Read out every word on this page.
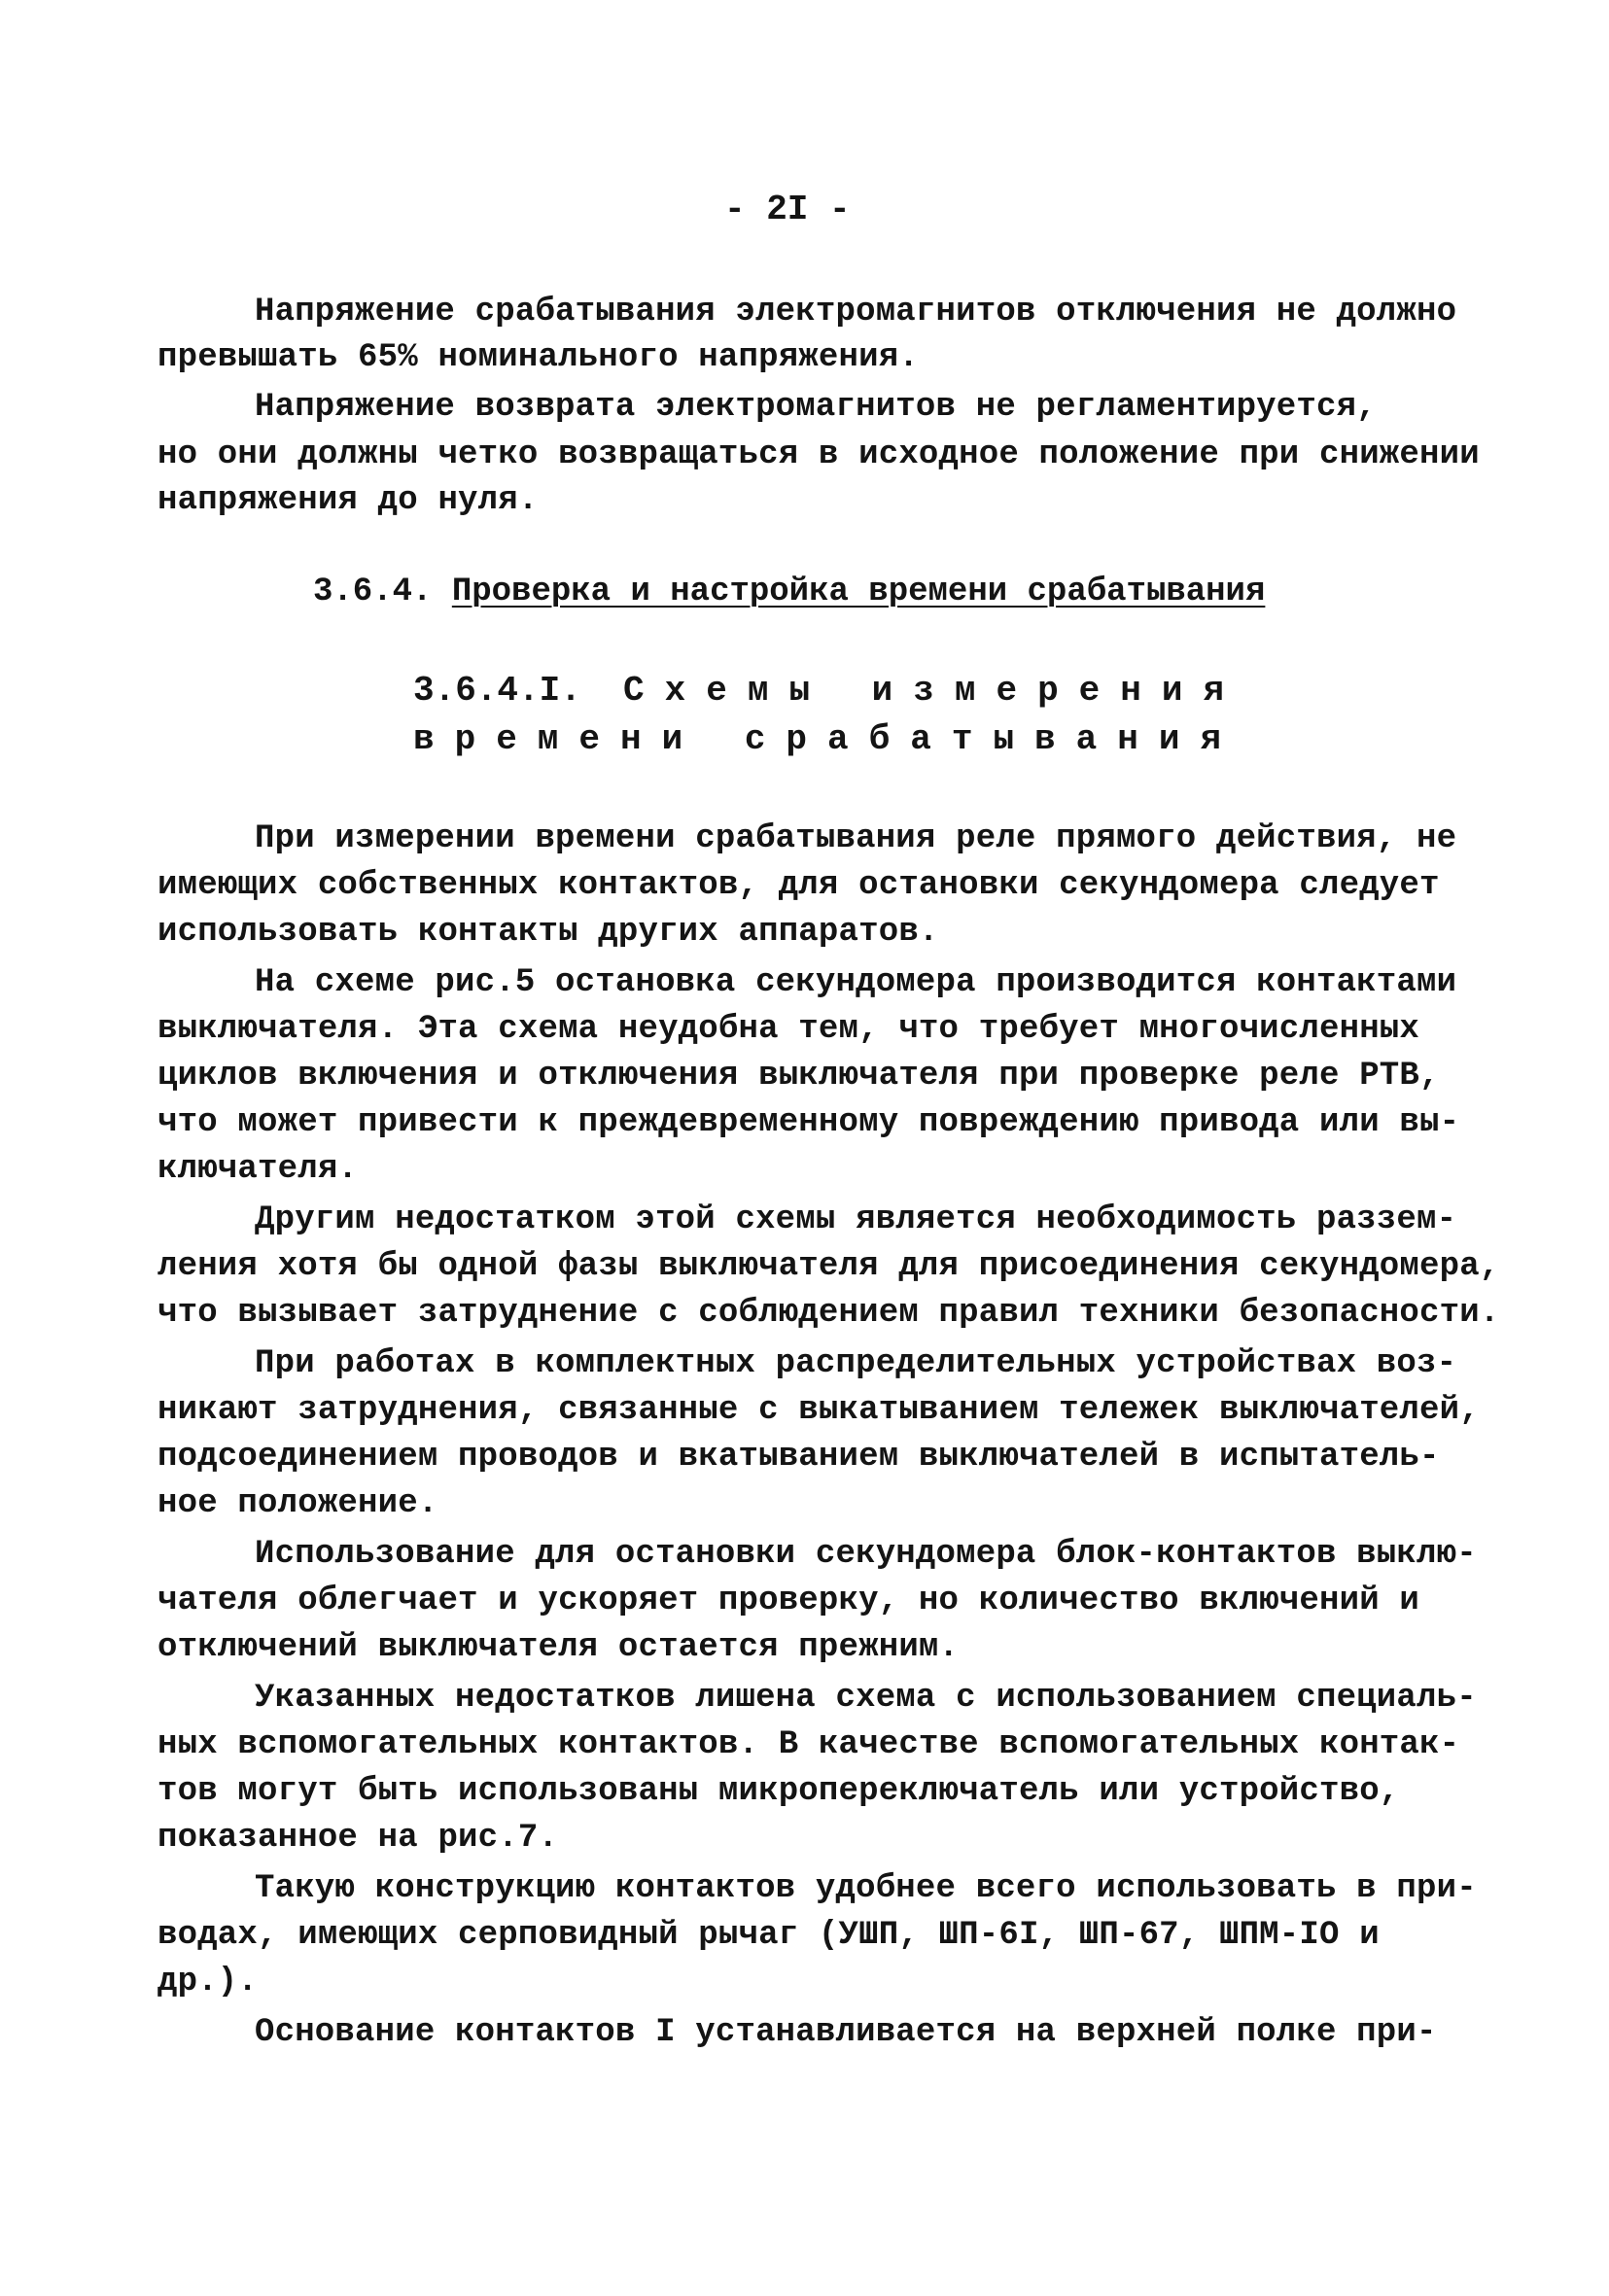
- 2I -
Напряжение срабатывания электромагнитов отключения не должно
превышать 65% номинального напряжения.
Напряжение возврата электромагнитов не регламентируется,
но они должны четко возвращатьcя в исходное положение при снижении
напряжения до нуля.
3.6.4. Проверка и настройка времени срабатывания
3.6.4.I. Схемы измерения
времени срабатывания
При измерении времени срабатывания реле прямого действия, не
имеющих собственных контактов, для остановки секундомера следует
использовать контакты других аппаратов.
На схеме рис.5 остановка секундомера производится контактами
выключателя. Эта схема неудобна тем, что требует многочисленных
циклов включения и отключения выключателя при проверке реле РТВ,
что может привести к преждевременному повреждению привода или вы-
ключателя.
Другим недостатком этой схемы является необходимость раззем-
ления хотя бы одной фазы выключателя для присоединения секундомера,
что вызывает затруднение с соблюдением правил техники безопасности.
При работах в комплектных распределительных устройствах воз-
никают затруднения, связанные с выкатыванием тележек выключателей,
подсоединением проводов и вкатыванием выключателей в испытатель-
ное положение.
Использование для остановки секундомера блок-контактов выклю-
чателя облегчает и ускоряет проверку, но количество включений и
отключений выключателя остается прежним.
Указанных недостатков лишена схема с использованием специаль-
ных вспомогательных контактов. В качестве вспомогательных контак-
тов могут быть использованы микропереключатель или устройство,
показанное на рис.7.
Такую конструкцию контактов удобнее всего использовать в при-
водах, имеющих серповидный рычаг (УШП, ШП-6I, ШП-67, ШПМ-IO и
др.).
Основание контактов I устанавливается на верхней полке при-
